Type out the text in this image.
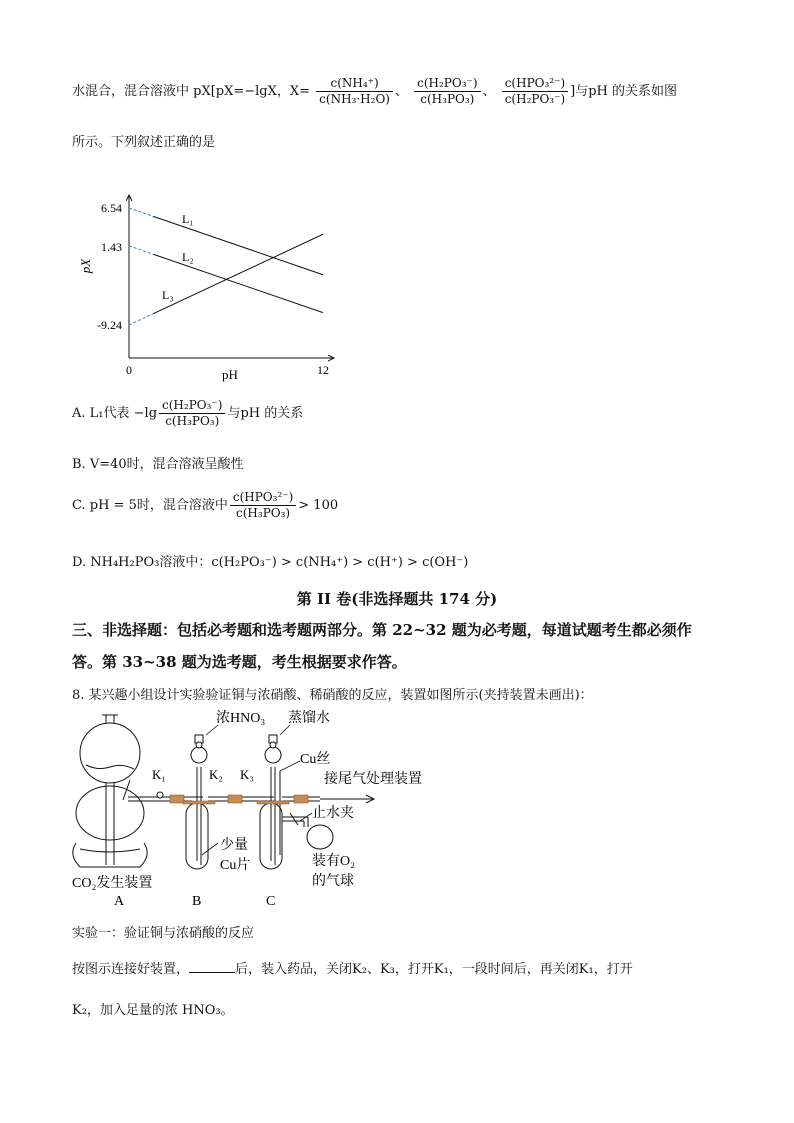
水混合，混合溶液中 pX[pX=−lgX，$X= \frac{\text{c(NH₄⁺)}}{\text{c(NH₃·H₂O)}}$ 、 $\frac{\text{c(H₂PO₃⁻)}}{\text{c(H₃PO₃)}}$ 、 $\frac{\text{c(HPO₃²⁻)}}{\text{c(H₂PO₃⁻)}}$ ]与pH 的关系如图
所示。下列叙述正确的是
6.54
1.43
-9.24
0	12
pH
pX
L₁
L₂
L₃
A. L₁代表 $-\lg \frac{\text{c(H₂PO₃⁻)}}{\text{c(H₃PO₃)}}$ 与pH 的关系
B. V=40时，混合溶液呈酸性
C. pH = 5时，混合溶液中 $\frac{\text{c(HPO₃²⁻)}}{\text{c(H₃PO₃)}} > 100$
D. NH₄H₂PO₃溶液中：c(H₂PO₃⁻) > c(NH₄⁺) > c(H⁺) > c(OH⁻)
第 II 卷(非选择题共 174 分)
三、非选择题：包括必考题和选考题两部分。第 22~32 题为必考题，每道试题考生都必须作
答。第 33~38 题为选考题，考生根据要求作答。
8. 某兴趣小组设计实验验证铜与浓硝酸、稀硝酸的反应，装置如图所示(夹持装置未画出)：
浓HNO₃ 蒸馏水
Cu丝
接尾气处理装置
K₁	K₂ K₃
止水夹
少量
Cu片	装有O₂
的气球
CO₂发生装置
A	B	C
实验一：验证铜与浓硝酸的反应
按图示连接好装置，	后，装入药品，关闭K₂、K₃，打开K₁，一段时间后，再关闭K₁，打开
K₂，加入足量的浓 HNO₃。
